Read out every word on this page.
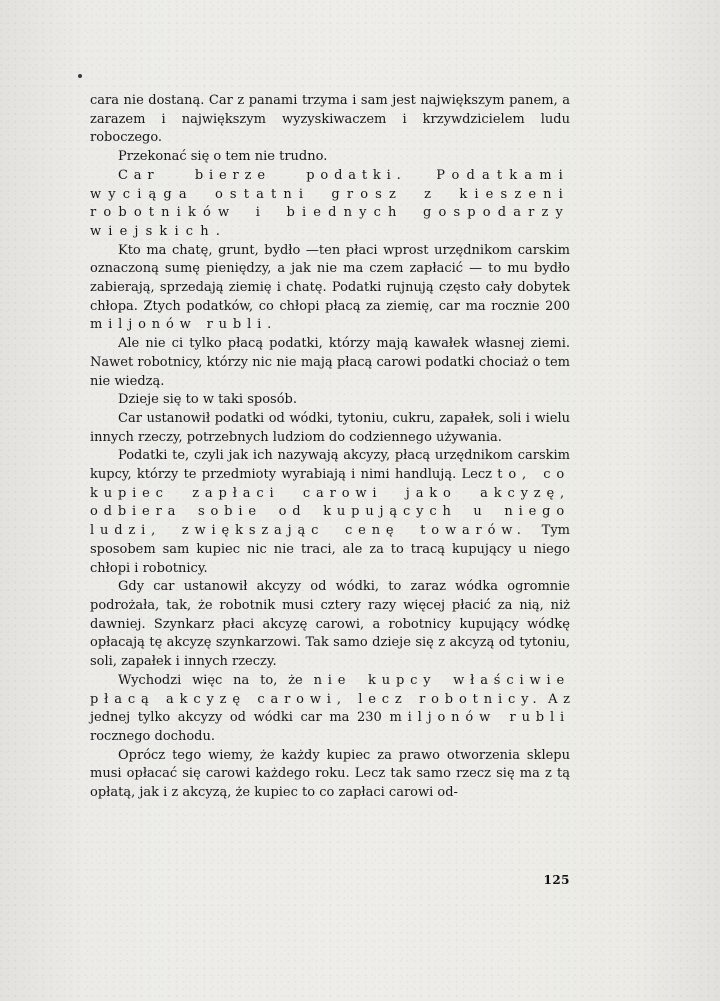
cara nie dostaną. Car z panami trzyma i sam jest największym panem, a zarazem i największym wyzyskiwaczem i krzywdzicielem ludu roboczego.

Przekonać się o tem nie trudno.

Car bierze podatki. Podatkami wyciąga ostatni grosz z kieszeni robotników i biednych gospodarzy wiejskich.

Kto ma chatę, grunt, bydło —ten płaci wprost urzędnikom carskim oznaczoną sumę pieniędzy, a jak nie ma czem zapłacić — to mu bydło zabierają, sprzedają ziemię i chatę. Podatki rujnują często cały dobytek chłopa. Ztych podatków, co chłopi płacą za ziemię, car ma rocznie 200 miljonów rubli.

Ale nie ci tylko płacą podatki, którzy mają kawałek własnej ziemi. Nawet robotnicy, którzy nic nie mają płacą carowi podatki chociaż o tem nie wiedzą.

Dzieje się to w taki sposób.

Car ustanowił podatki od wódki, tytoniu, cukru, zapałek, soli i wielu innych rzeczy, potrzebnych ludziom do codziennego używania.

Podatki te, czyli jak ich nazywają akcyzy, płacą urzędnikom carskim kupcy, którzy te przedmioty wyrabiają i nimi handlują. Lecz to, co kupiec zapłaci carowi jako akcyzę, odbiera sobie od kupujących u niego ludzi, zwiększając cenę towarów. Tym sposobem sam kupiec nic nie traci, ale za to tracą kupujący u niego chłopi i robotnicy.

Gdy car ustanowił akcyzy od wódki, to zaraz wódka ogromnie podrożała, tak, że robotnik musi cztery razy więcej płacić za nią, niż dawniej. Szynkarz płaci akcyzę carowi, a robotnicy kupujący wódkę opłacają tę akcyzę szynkarzowi. Tak samo dzieje się z akcyzą od tytoniu, soli, zapałek i innych rzeczy.

Wychodzi więc na to, że nie kupcy właściwie płacą akcyzę carowi, lecz robotnicy. A z jednej tylko akcyzy od wódki car ma 230 miljonów rubli rocznego dochodu.

Oprócz tego wiemy, że każdy kupiec za prawo otworzenia sklepu musi opłacać się carowi każdego roku. Lecz tak samo rzecz się ma z tą opłatą, jak i z akcyzą, że kupiec to co zapłaci carowi od-

125
